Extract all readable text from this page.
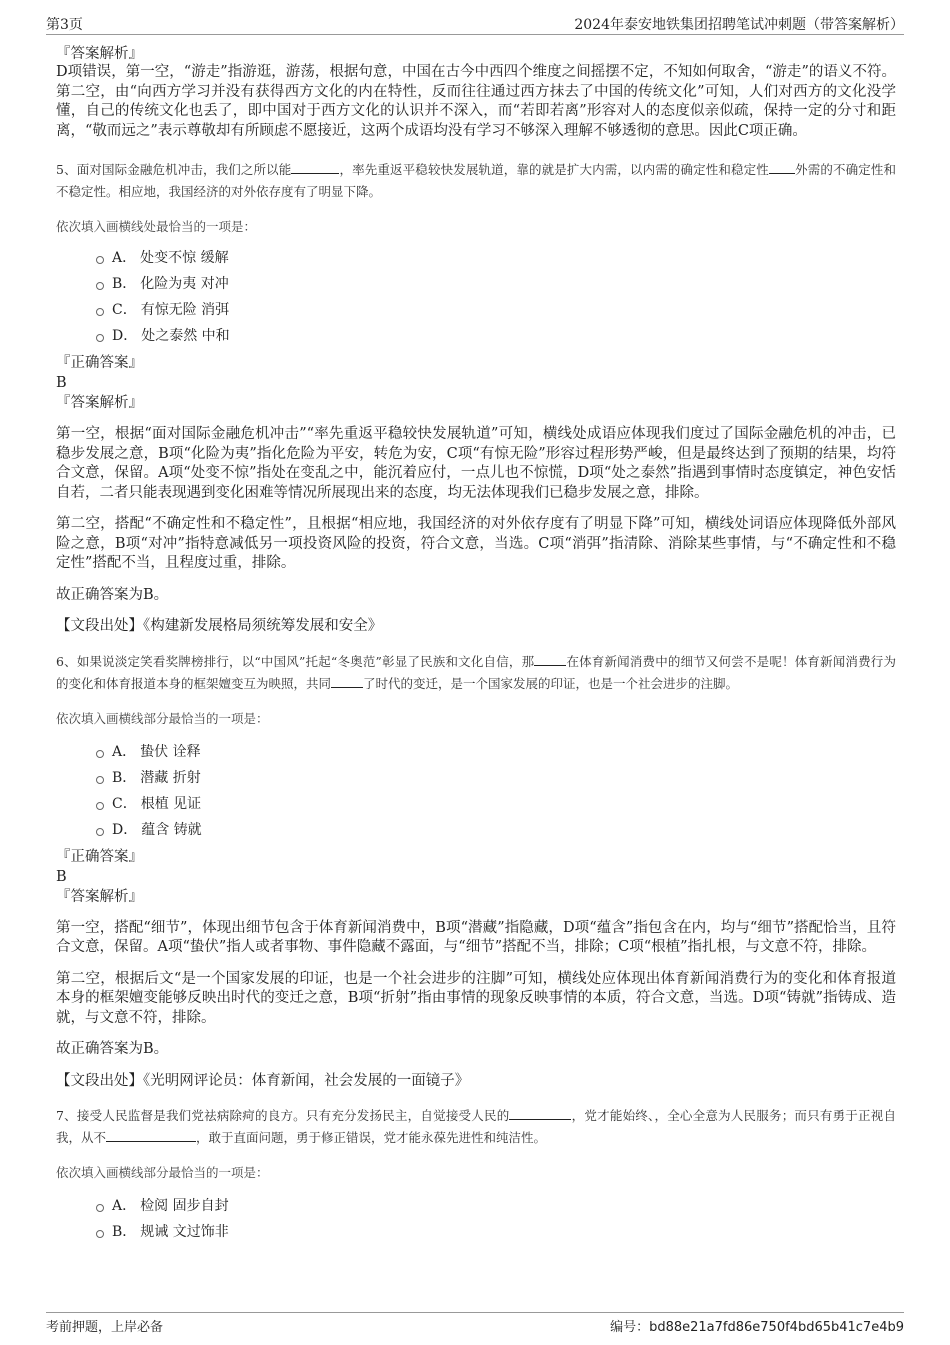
第3页	2024年泰安地铁集团招聘笔试冲刺题（带答案解析）

『答案解析』

D项错误，第一空，“游走”指游逛，游荡，根据句意，中国在古今中西四个维度之间摇摆不定，不知如何取舍，“游走”的语义不符。第二空，由“向西方学习并没有获得西方文化的内在特性，反而往往通过西方抹去了中国的传统文化”可知，人们对西方的文化没学懂，自己的传统文化也丢了，即中国对于西方文化的认识并不深入，而“若即若离”形容对人的态度似亲似疏，保持一定的分寸和距离，“敬而远之”表示尊敬却有所顾虑不愿接近，这两个成语均没有学习不够深入理解不够透彻的意思。因此C项正确。

5、面对国际金融危机冲击，我们之所以能	，率先重返平稳较快发展轨道，靠的就是扩大内需，以内需的确定性和稳定性 外需的不确定性和不稳定性。相应地，我国经济的对外依存度有了明显下降。

依次填入画横线处最恰当的一项是：

A． 处变不惊 缓解
B． 化险为夷 对冲
C． 有惊无险 消弭
D． 处之泰然 中和

『正确答案』

B

『答案解析』

第一空，根据“面对国际金融危机冲击”“率先重返平稳较快发展轨道”可知，横线处成语应体现我们度过了国际金融危机的冲击，已稳步发展之意，B项“化险为夷”指化危险为平安，转危为安，C项“有惊无险”形容过程形势严峻，但是最终达到了预期的结果，均符合文意，保留。A项“处变不惊”指处在变乱之中，能沉着应付，一点儿也不惊慌，D项“处之泰然”指遇到事情时态度镇定，神色安恬自若，二者只能表现遇到变化困难等情况所展现出来的态度，均无法体现我们已稳步发展之意，排除。

第二空，搭配“不确定性和不稳定性”，且根据“相应地，我国经济的对外依存度有了明显下降”可知，横线处词语应体现降低外部风险之意，B项“对冲”指特意减低另一项投资风险的投资，符合文意，当选。C项“消弭”指清除、消除某些事情，与“不确定性和不稳定性”搭配不当，且程度过重，排除。

故正确答案为B。

【文段出处】《构建新发展格局须统筹发展和安全》

6、如果说淡定笑看奖牌榜排行，以“中国风”托起“冬奥范”彰显了民族和文化自信，那	在体育新闻消费中的细节又何尝不是呢！体育新闻消费行为的变化和体育报道本身的框架嬗变互为映照，共同	了时代的变迁，是一个国家发展的印证，也是一个社会进步的注脚。

依次填入画横线部分最恰当的一项是：

A． 蛰伏 诠释
B． 潜藏 折射
C． 根植 见证
D． 蕴含 铸就

『正确答案』

B

『答案解析』

第一空，搭配“细节”，体现出细节包含于体育新闻消费中，B项“潜藏”指隐藏，D项“蕴含”指包含在内，均与“细节”搭配恰当，且符合文意，保留。A项“蛰伏”指人或者事物、事件隐藏不露面，与“细节”搭配不当，排除；C项“根植”指扎根，与文意不符，排除。

第二空，根据后文“是一个国家发展的印证，也是一个社会进步的注脚”可知，横线处应体现出体育新闻消费行为的变化和体育报道本身的框架嬗变能够反映出时代的变迁之意，B项“折射”指由事情的现象反映事情的本质，符合文意，当选。D项“铸就”指铸成、造就，与文意不符，排除。

故正确答案为B。

【文段出处】《光明网评论员：体育新闻，社会发展的一面镜子》

7、接受人民监督是我们党祛病除疴的良方。只有充分发扬民主，自觉接受人民的	，党才能始终、，全心全意为人民服务；而只有勇于正视自我，从不	，敢于直面问题，勇于修正错误，党才能永葆先进性和纯洁性。

依次填入画横线部分最恰当的一项是：

A． 检阅 固步自封
B． 规诫 文过饰非
考前押题，上岸必备	编号：bd88e21a7fd86e750f4bd65b41c7e4b9
